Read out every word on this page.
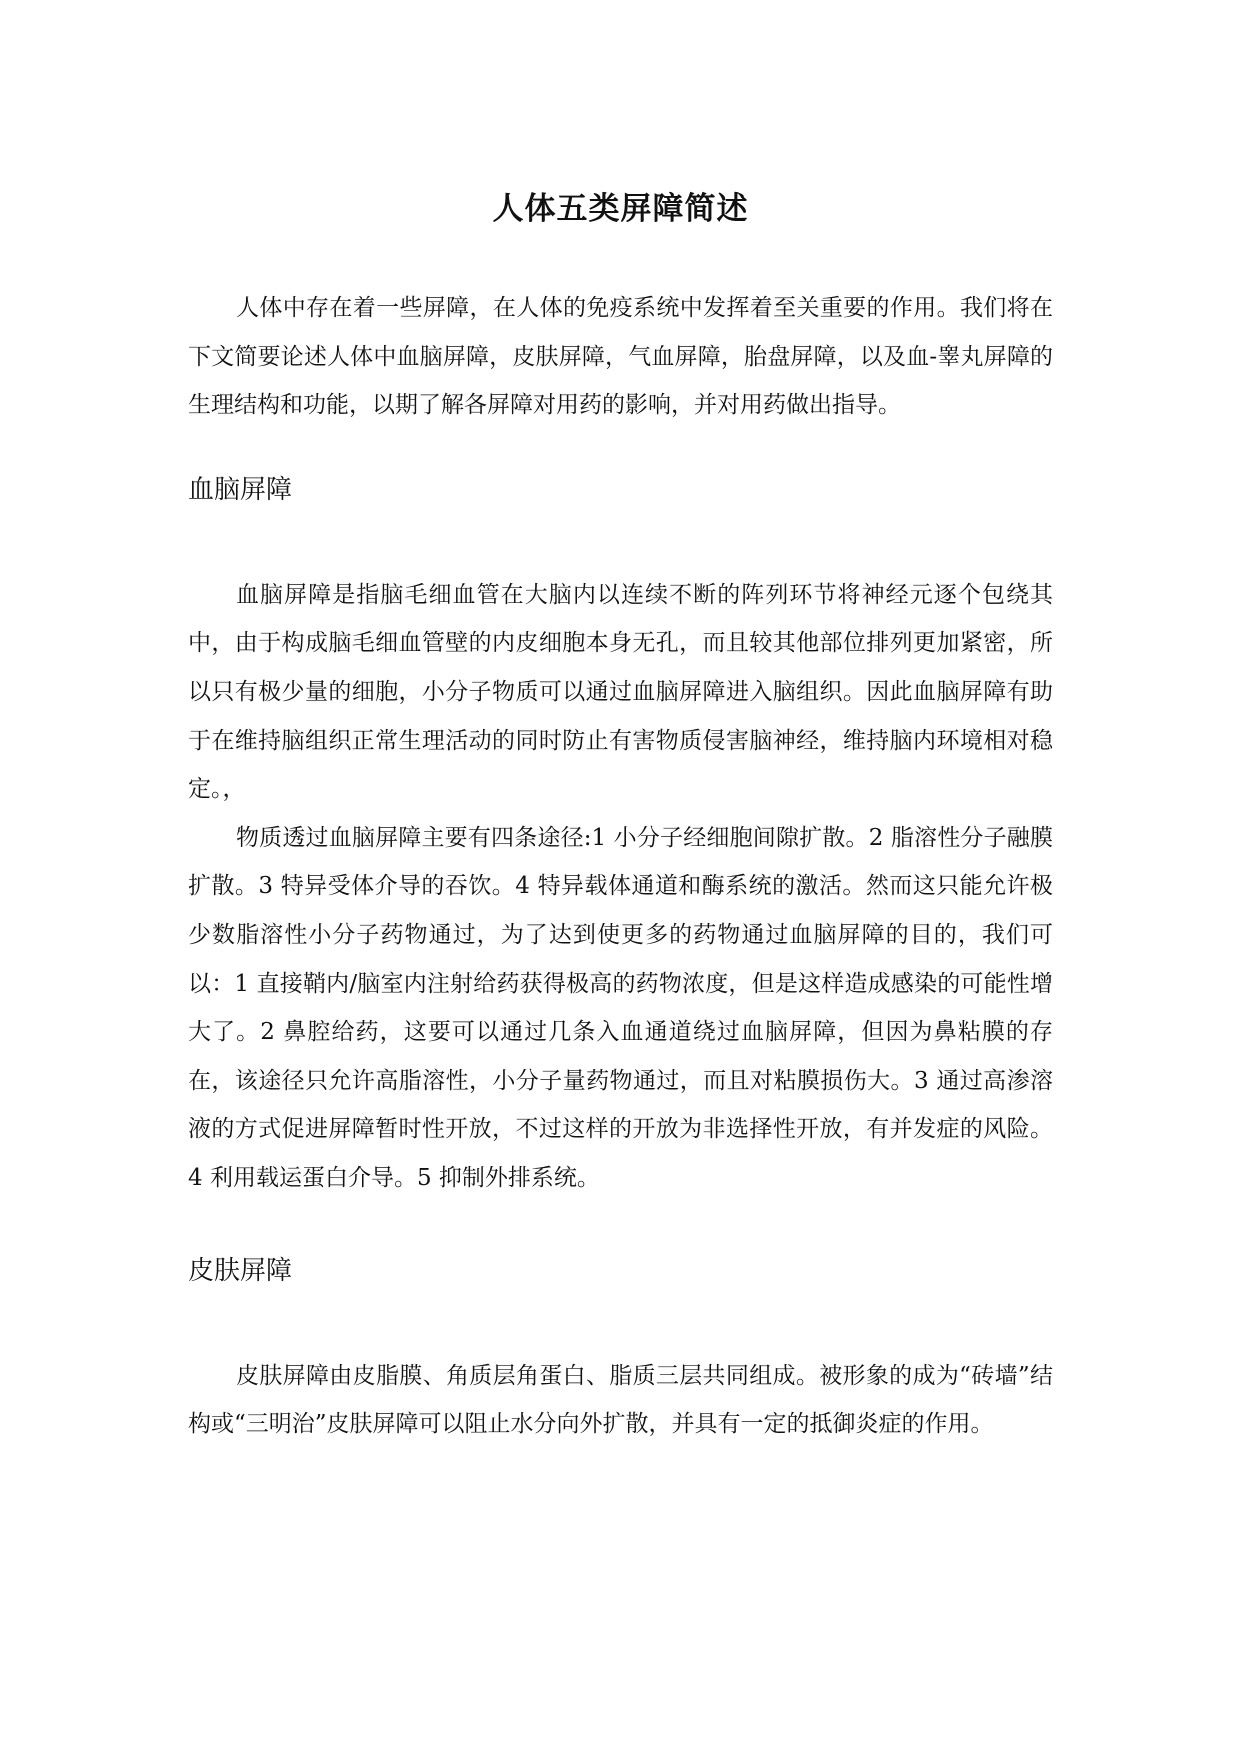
人体五类屏障简述

人体中存在着一些屏障，在人体的免疫系统中发挥着至关重要的作用。我们将在下文简要论述人体中血脑屏障，皮肤屏障，气血屏障，胎盘屏障，以及血-睾丸屏障的生理结构和功能，以期了解各屏障对用药的影响，并对用药做出指导。

血脑屏障

血脑屏障是指脑毛细血管在大脑内以连续不断的阵列环节将神经元逐个包绕其中，由于构成脑毛细血管壁的内皮细胞本身无孔，而且较其他部位排列更加紧密，所以只有极少量的细胞，小分子物质可以通过血脑屏障进入脑组织。因此血脑屏障有助于在维持脑组织正常生理活动的同时防止有害物质侵害脑神经，维持脑内环境相对稳定。，

物质透过血脑屏障主要有四条途径:1 小分子经细胞间隙扩散。2 脂溶性分子融膜扩散。3 特异受体介导的吞饮。4 特异载体通道和酶系统的激活。然而这只能允许极少数脂溶性小分子药物通过，为了达到使更多的药物通过血脑屏障的目的，我们可以：1 直接鞘内/脑室内注射给药获得极高的药物浓度，但是这样造成感染的可能性增大了。2 鼻腔给药，这要可以通过几条入血通道绕过血脑屏障，但因为鼻粘膜的存在，该途径只允许高脂溶性，小分子量药物通过，而且对粘膜损伤大。3 通过高渗溶液的方式促进屏障暂时性开放，不过这样的开放为非选择性开放，有并发症的风险。4 利用载运蛋白介导。5 抑制外排系统。

皮肤屏障

皮肤屏障由皮脂膜、角质层角蛋白、脂质三层共同组成。被形象的成为“砖墙”结构或“三明治”皮肤屏障可以阻止水分向外扩散，并具有一定的抵御炎症的作用。
